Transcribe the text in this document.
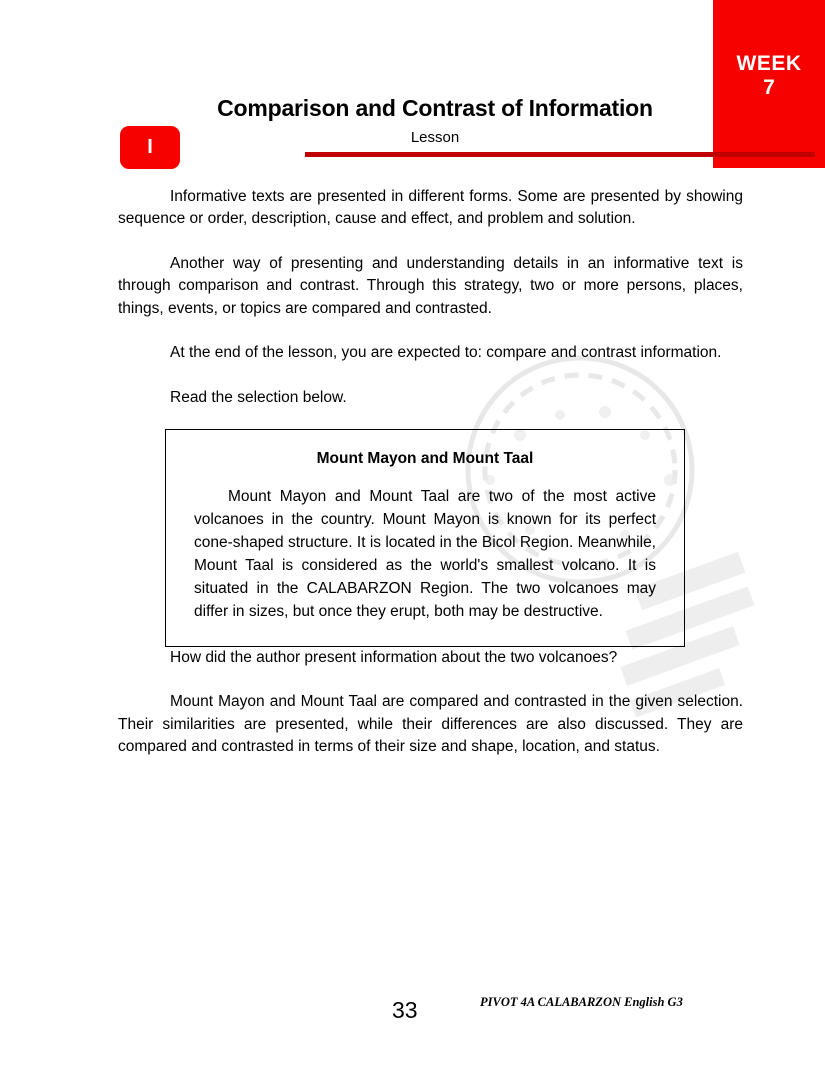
WEEK
7
Comparison and Contrast of Information
Lesson
I

Informative texts are presented in different forms. Some are presented by showing sequence or order, description, cause and effect, and problem and solution.

Another way of presenting and understanding details in an informative text is through comparison and contrast. Through this strategy, two or more persons, places, things, events, or topics are compared and contrasted.

At the end of the lesson, you are expected to: compare and contrast information.

Read the selection below.

Mount Mayon and Mount Taal

Mount Mayon and Mount Taal are two of the most active volcanoes in the country. Mount Mayon is known for its perfect cone-shaped structure. It is located in the Bicol Region. Meanwhile, Mount Taal is considered as the world's smallest volcano. It is situated in the CALABARZON Region. The two volcanoes may differ in sizes, but once they erupt, both may be destructive.

How did the author present information about the two volcanoes?

Mount Mayon and Mount Taal are compared and contrasted in the given selection. Their similarities are presented, while their differences are also discussed. They are compared and contrasted in terms of their size and shape, location, and status.

33	PIVOT 4A CALABARZON English G3
